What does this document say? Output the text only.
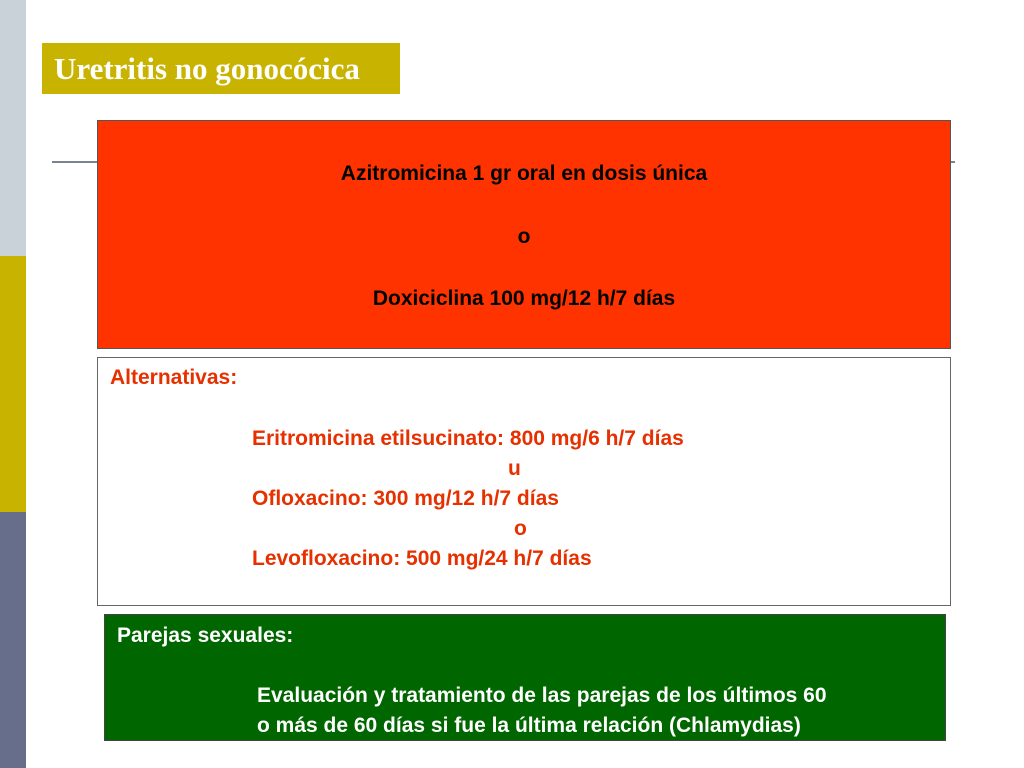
Uretritis no gonocócica
Azitromicina 1 gr oral en dosis única
o
Doxiciclina 100 mg/12 h/7 días
Alternativas:
Eritromicina etilsucinato: 800 mg/6 h/7 días
u
Ofloxacino: 300 mg/12 h/7 días
o
Levofloxacino: 500 mg/24 h/7 días
Parejas sexuales:
Evaluación y tratamiento de las parejas de los últimos 60
o más de 60 días si fue la última relación (Chlamydias)
